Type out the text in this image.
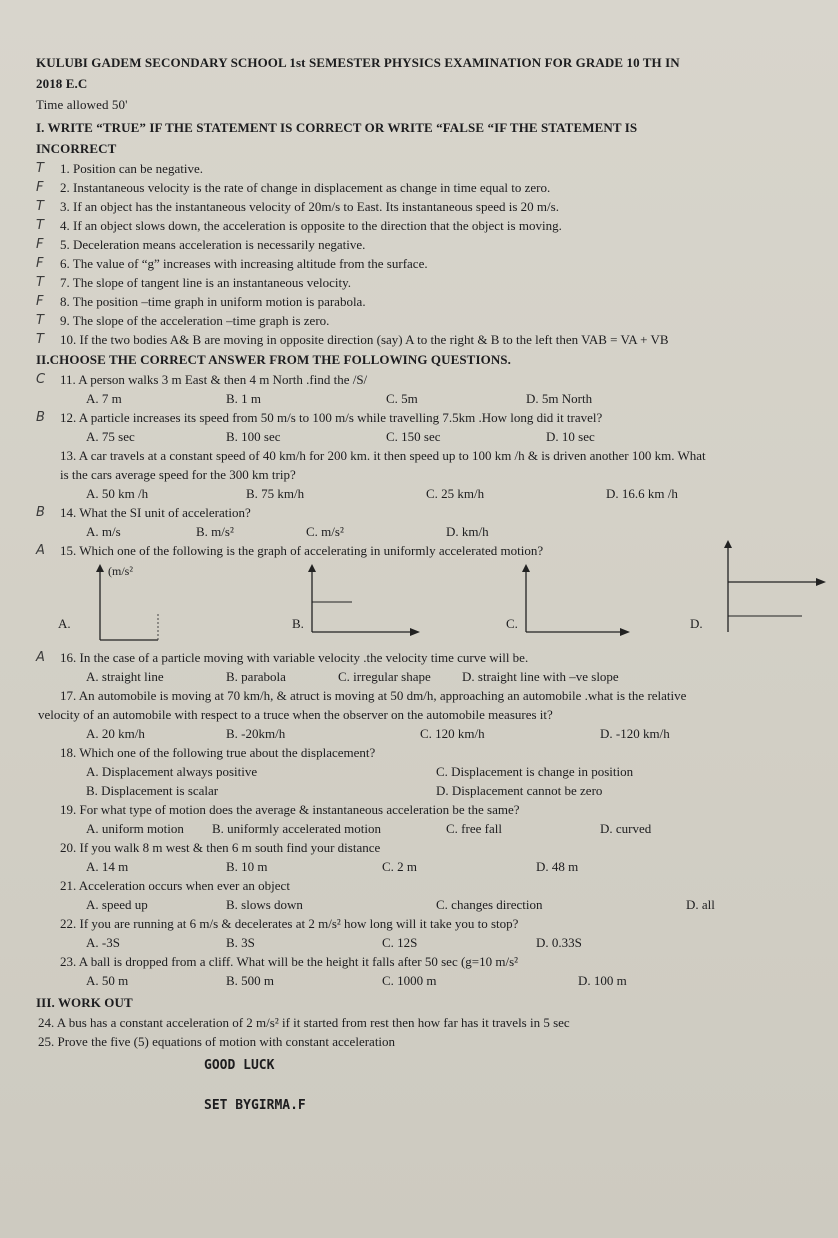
KULUBI GADEM SECONDARY SCHOOL 1st SEMESTER PHYSICS EXAMINATION FOR GRADE 10 TH IN
2018 E.C
Time allowed 50'
I. WRITE “TRUE” IF THE STATEMENT IS CORRECT OR WRITE “FALSE “IF THE STATEMENT IS
INCORRECT
T 1. Position can be negative.
F 2. Instantaneous velocity is the rate of change in displacement as change in time equal to zero.
T 3. If an object has the instantaneous velocity of 20m/s to East. Its instantaneous speed is 20 m/s.
T 4. If an object slows down, the acceleration is opposite to the direction that the object is moving.
F 5. Deceleration means acceleration is necessarily negative.
F 6. The value of “g” increases with increasing altitude from the surface.
T 7. The slope of tangent line is an instantaneous velocity.
F 8. The position –time graph in uniform motion is parabola.
T 9. The slope of the acceleration –time graph is zero.
T 10. If the two bodies A& B are moving in opposite direction (say) A to the right & B to the left then VAB = VA + VB
II.CHOOSE THE CORRECT ANSWER FROM THE FOLLOWING QUESTIONS.
C 11. A person walks 3 m East & then 4 m North .find the /S/
A. 7 m	B. 1 m	C. 5m	D. 5m North
B 12. A particle increases its speed from 50 m/s to 100 m/s while travelling 7.5km .How long did it travel?
A. 75 sec	B. 100 sec	C. 150 sec	D. 10 sec
13. A car travels at a constant speed of 40 km/h for 200 km. it then speed up to 100 km /h & is driven another 100 km. What
is the cars average speed for the 300 km trip?
A. 50 km /h	B. 75 km/h	C. 25 km/h	D. 16.6 km /h
B 14. What the SI unit of acceleration?
A. m/s	B. m/s²	C. m/s²	D. km/h
A 15. Which one of the following is the graph of accelerating in uniformly accelerated motion?
A.
(m/s²
B.	C.	D.
A 16. In the case of a particle moving with variable velocity .the velocity time curve will be.
A. straight line	B. parabola	C. irregular shape	D. straight line with –ve slope
17. An automobile is moving at 70 km/h, & atruct is moving at 50 dm/h, approaching an automobile .what is the relative
velocity of an automobile with respect to a truce when the observer on the automobile measures it?
A. 20 km/h	B. -20km/h	C. 120 km/h	D. -120 km/h
18. Which one of the following true about the displacement?
A. Displacement always positive	C. Displacement is change in position
B. Displacement is scalar	D. Displacement cannot be zero
19. For what type of motion does the average & instantaneous acceleration be the same?
A. uniform motion	B. uniformly accelerated motion	C. free fall	D. curved
20. If you walk 8 m west & then 6 m south find your distance
A. 14 m	B. 10 m	C. 2 m	D. 48 m
21. Acceleration occurs when ever an object
A. speed up	B. slows down	C. changes direction	D. all
22. If you are running at 6 m/s & decelerates at 2 m/s² how long will it take you to stop?
A. -3S	B. 3S	C. 12S	D. 0.33S
23. A ball is dropped from a cliff. What will be the height it falls after 50 sec (g=10 m/s²
A. 50 m	B. 500 m	C. 1000 m	D. 100 m
III. WORK OUT
24. A bus has a constant acceleration of 2 m/s² if it started from rest then how far has it travels in 5 sec
25. Prove the five (5) equations of motion with constant acceleration
GOOD LUCK
SET BYGIRMA.F
